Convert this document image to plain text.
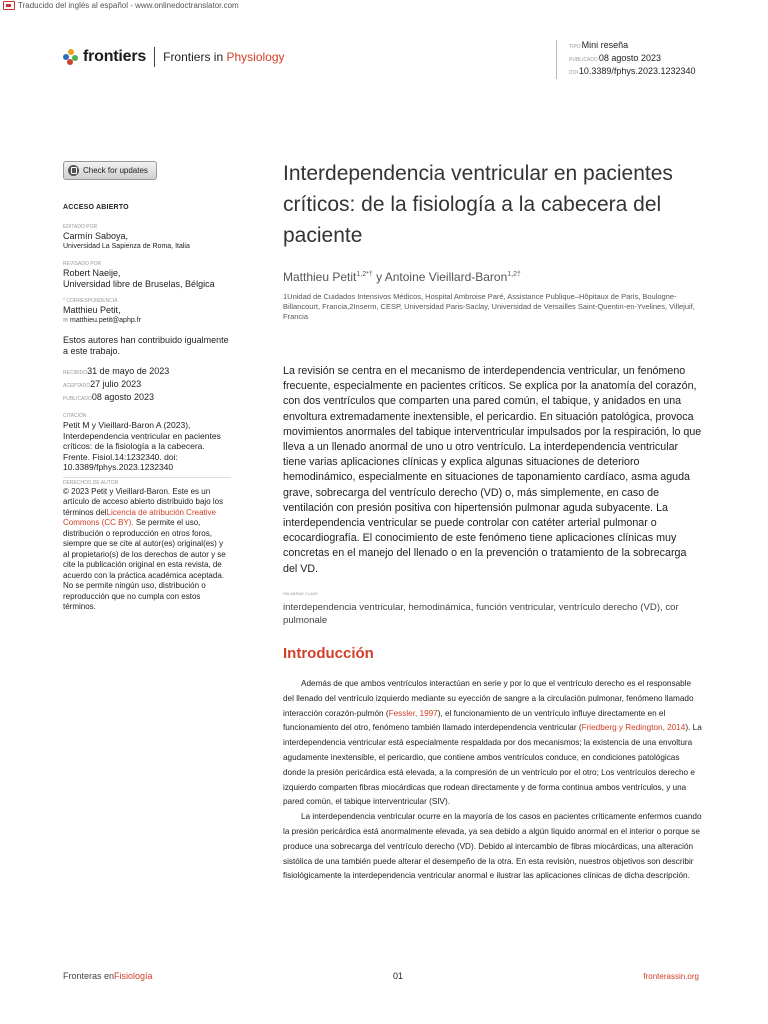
Traducido del inglés al español - www.onlinedoctranslator.com
frontiers Frontiers in Physiology
TIPOMini reseña
PUBLICADO08 agosto 2023
DOI10.3389/fphys.2023.1232340
Check for updates
ACCESO ABIERTO
EDITADO POR
Carmín Saboya,
Universidad La Sapienza de Roma, Italia
REVISADO POR
Robert Naeije,
Universidad libre de Bruselas, Bélgica
* CORRESPONDENCIA
Matthieu Petit,
✉ matthieu.petit@aphp.fr
Estos autores han contribuido igualmente a este trabajo.
RECIBIDO31 de mayo de 2023
ACEPTADO27 julio 2023
PUBLICADO08 agosto 2023
CITACIÓN
Petit M y Vieillard-Baron A (2023), Interdependencia ventricular en pacientes críticos: de la fisiología a la cabecera. Frente. Fisiol.14:1232340. doi: 10.3389/fphys.2023.1232340
DERECHOS DE AUTOR
© 2023 Petit y Vieillard-Baron. Este es un artículo de acceso abierto distribuido bajo los términos delLicencia de atribución Creative Commons (CC BY). Se permite el uso, distribución o reproducción en otros foros, siempre que se cite al autor(es) original(es) y al propietario(s) de los derechos de autor y se cite la publicación original en esta revista, de acuerdo con la práctica académica aceptada. No se permite ningún uso, distribución o reproducción que no cumpla con estos términos.
Interdependencia ventricular en pacientes críticos: de la fisiología a la cabecera del paciente
Matthieu Petit$^{1,2*\dagger}$ y Antoine Vieillard-Baron$^{1,2\dagger}$
1Unidad de Cuidados Intensivos Médicos, Hospital Ambroise Paré, Assistance Publique–Hôpitaux de Paris, Boulogne-Billancourt, Francia,2Inserm, CESP, Universidad Paris-Saclay, Universidad de Versailles Saint-Quentin-en-Yvelines, Villejuif, Francia
La revisión se centra en el mecanismo de interdependencia ventricular, un fenómeno frecuente, especialmente en pacientes críticos. Se explica por la anatomía del corazón, con dos ventrículos que comparten una pared común, el tabique, y anidados en una envoltura extremadamente inextensible, el pericardio. En situación patológica, provoca movimientos anormales del tabique interventricular impulsados por la respiración, lo que lleva a un llenado anormal de uno u otro ventrículo. La interdependencia ventricular tiene varias aplicaciones clínicas y explica algunas situaciones de deterioro hemodinámico, especialmente en situaciones de taponamiento cardíaco, asma aguda grave, sobrecarga del ventrículo derecho (VD) o, más simplemente, en caso de ventilación con presión positiva con hipertensión pulmonar aguda subyacente. La interdependencia ventricular se puede controlar con catéter arterial pulmonar o ecocardiografía. El conocimiento de este fenómeno tiene aplicaciones clínicas muy concretas en el manejo del llenado o en la prevención o tratamiento de la sobrecarga del VD.
PALABRAS CLAVE
interdependencia ventricular, hemodinámica, función ventricular, ventrículo derecho (VD), cor pulmonale
Introducción

Además de que ambos ventrículos interactúan en serie y por lo que el ventrículo derecho es el responsable del llenado del ventrículo izquierdo mediante su eyección de sangre a la circulación pulmonar, fenómeno llamado interacción corazón-pulmón (Fessler, 1997), el funcionamiento de un ventrículo influye directamente en el funcionamiento del otro, fenómeno también llamado interdependencia ventricular (Friedberg y Redington, 2014). La interdependencia ventricular está especialmente respaldada por dos mecanismos; la existencia de una envoltura agudamente inextensible, el pericardio, que contiene ambos ventrículos conduce, en condiciones patológicas donde la presión pericárdica está elevada, a la compresión de un ventrículo por el otro; Los ventrículos derecho e izquierdo comparten fibras miocárdicas que rodean directamente y de forma continua ambos ventrículos, y una pared común, el tabique interventricular (SIV).

La interdependencia ventricular ocurre en la mayoría de los casos en pacientes críticamente enfermos cuando la presión pericárdica está anormalmente elevada, ya sea debido a algún líquido anormal en el interior o porque se produce una sobrecarga del ventrículo derecho (VD). Debido al intercambio de fibras miocárdicas, una alteración sistólica de una también puede alterar el desempeño de la otra. En esta revisión, nuestros objetivos son describir fisiológicamente la interdependencia ventricular anormal e ilustrar las aplicaciones clínicas de dicha descripción.

Fronteras enFisiología	01	fronterassin.org
